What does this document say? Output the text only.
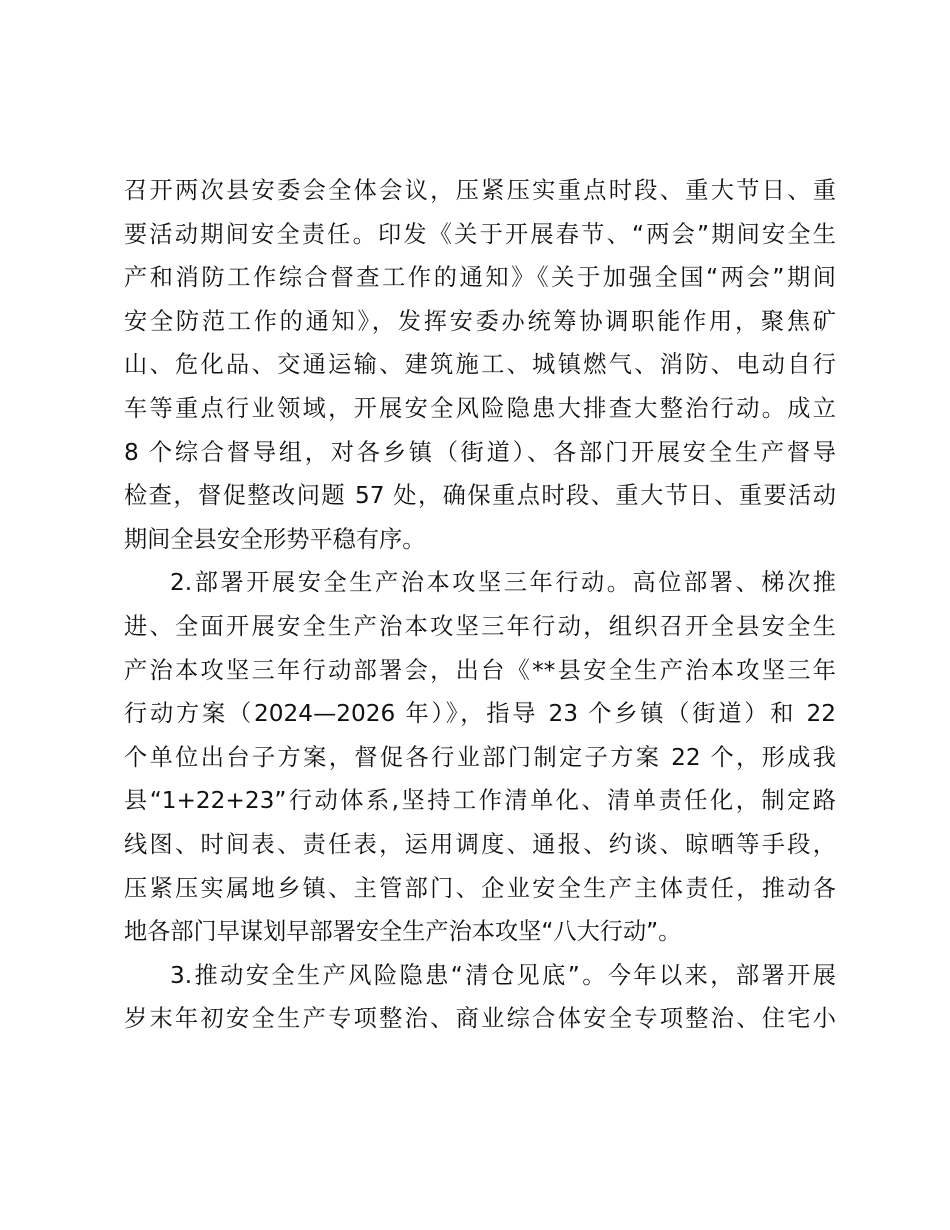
召开两次县安委会全体会议，压紧压实重点时段、重大节日、重
要活动期间安全责任。印发《关于开展春节、“两会”期间安全生
产和消防工作综合督查工作的通知》《关于加强全国“两会”期间
安全防范工作的通知》，发挥安委办统筹协调职能作用，聚焦矿
山、危化品、交通运输、建筑施工、城镇燃气、消防、电动自行
车等重点行业领域，开展安全风险隐患大排查大整治行动。成立
8 个综合督导组，对各乡镇（街道）、各部门开展安全生产督导
检查，督促整改问题 57 处，确保重点时段、重大节日、重要活动
期间全县安全形势平稳有序。
2.部署开展安全生产治本攻坚三年行动。高位部署、梯次推
进、全面开展安全生产治本攻坚三年行动，组织召开全县安全生
产治本攻坚三年行动部署会，出台《**县安全生产治本攻坚三年
行动方案（2024—2026 年）》，指导 23 个乡镇（街道）和 22
个单位出台子方案，督促各行业部门制定子方案 22 个，形成我
县“1+22+23”行动体系,坚持工作清单化、清单责任化，制定路
线图、时间表、责任表，运用调度、通报、约谈、晾晒等手段，
压紧压实属地乡镇、主管部门、企业安全生产主体责任，推动各
地各部门早谋划早部署安全生产治本攻坚“八大行动”。
3.推动安全生产风险隐患“清仓见底”。今年以来，部署开展
岁末年初安全生产专项整治、商业综合体安全专项整治、住宅小
